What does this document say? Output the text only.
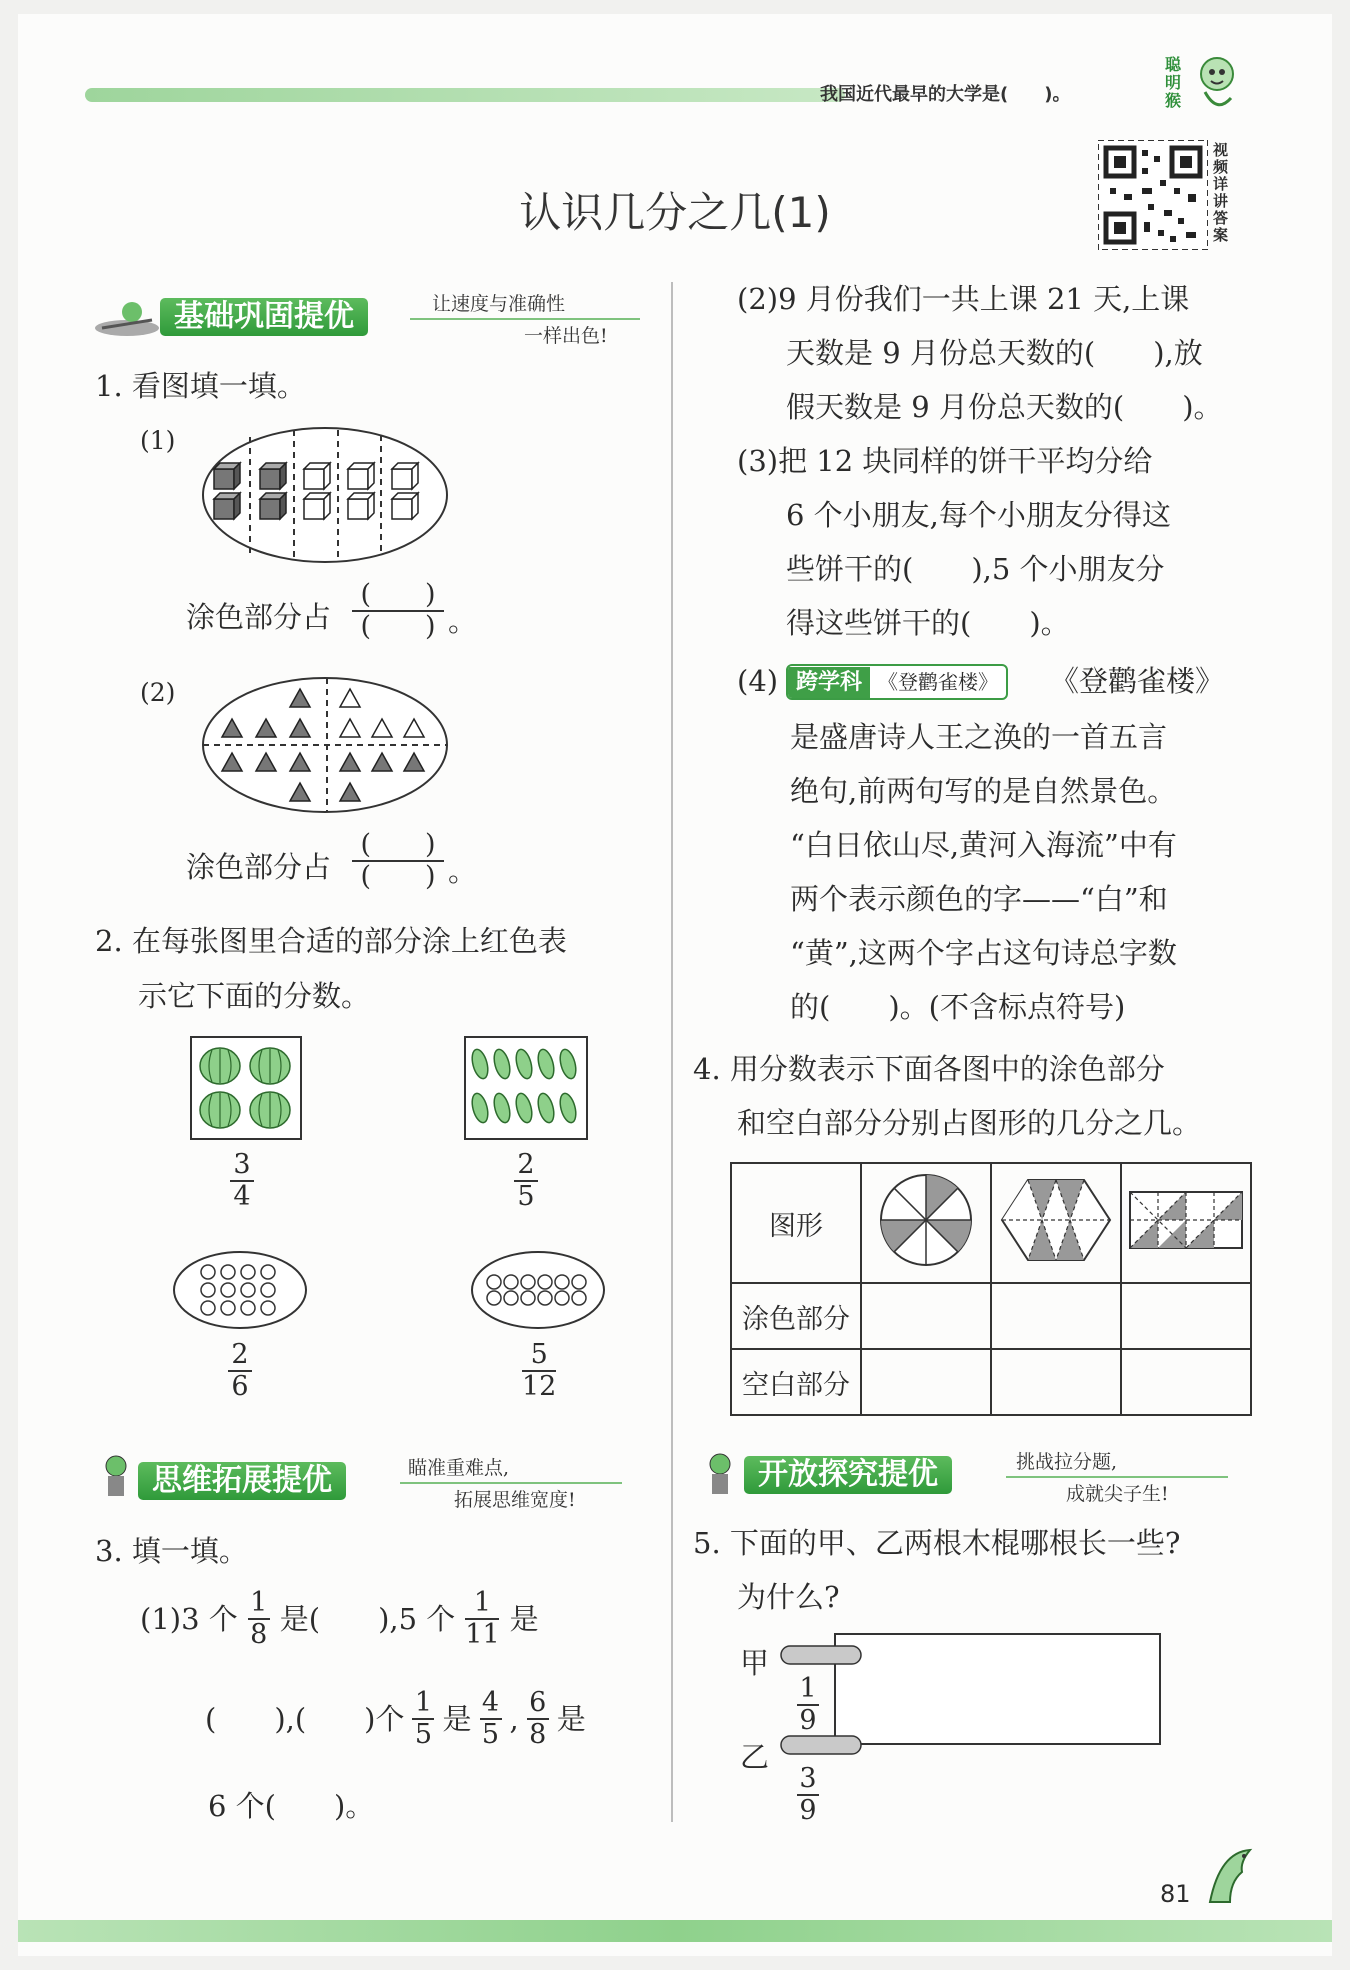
我国近代最早的大学是(　　)。
聪明猴
认识几分之几(1)
视频详讲答案
基础巩固提优	让速度与准确性
一样出色!
1. 看图填一填。
(1)
涂色部分占 $\frac{( )}{( )}$ 。
(2)
涂色部分占 $\frac{( )}{( )}$ 。
2. 在每张图里合适的部分涂上红色表
示它下面的分数。
$\frac{3}{4}$	$\frac{2}{5}$
$\frac{2}{6}$	$\frac{5}{12}$
思维拓展提优	瞄准重难点,
拓展思维宽度!
3. 填一填。
(1)3 个 $\frac{1}{8}$ 是(　　),5 个 $\frac{1}{11}$ 是
(　　),(　　)个 $\frac{1}{5}$ 是 $\frac{4}{5}$ , $\frac{6}{8}$ 是
6 个(　　)。
(2)9 月份我们一共上课 21 天,上课
天数是 9 月份总天数的(　　),放
假天数是 9 月份总天数的(　　)。
(3)把 12 块同样的饼干平均分给
6 个小朋友,每个小朋友分得这
些饼干的(　　),5 个小朋友分
得这些饼干的(　　)。
(4) 跨学科 《登鹳雀楼》	《登鹳雀楼》
是盛唐诗人王之涣的一首五言
绝句,前两句写的是自然景色。
“白日依山尽,黄河入海流”中有
两个表示颜色的字——“白”和
“黄”,这两个字占这句诗总字数
的(　　)。(不含标点符号)
4. 用分数表示下面各图中的涂色部分
和空白部分分别占图形的几分之几。
图形			
涂色部分			
空白部分			
开放探究提优	挑战拉分题,
成就尖子生!
5. 下面的甲、乙两根木棍哪根长一些?
为什么?
甲
乙
$\frac{1}{9}$
$\frac{3}{9}$
81
